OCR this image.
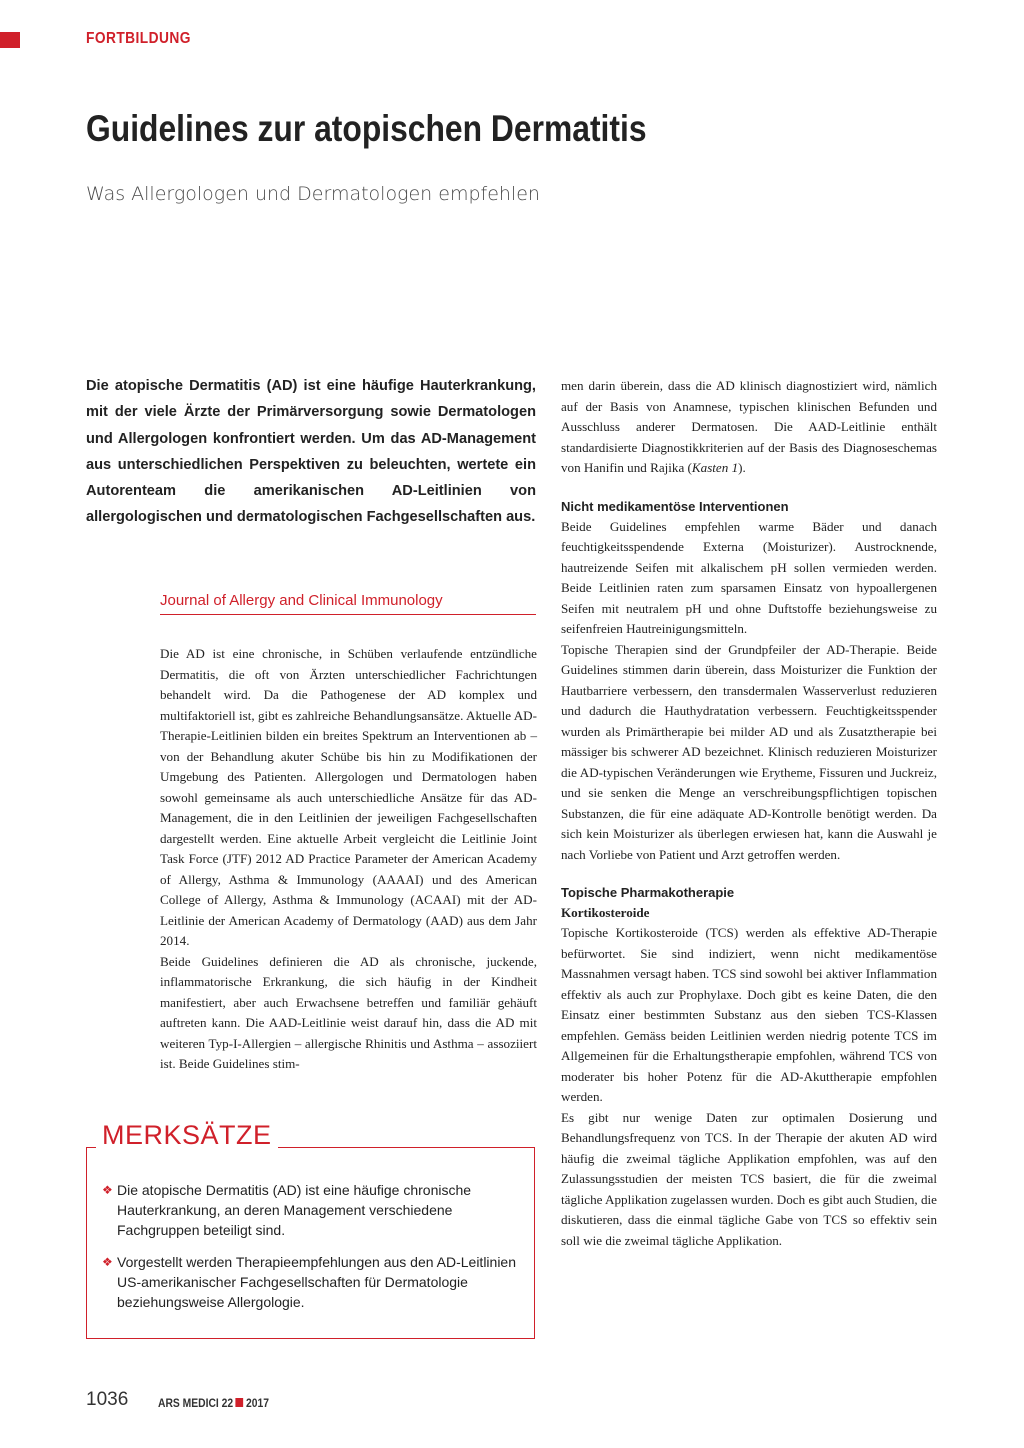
FORTBILDUNG
Guidelines zur atopischen Dermatitis
Was Allergologen und Dermatologen empfehlen

Die atopische Dermatitis (AD) ist eine häufige Hauterkrankung, mit der viele Ärzte der Primärversorgung sowie Dermatologen und Allergologen konfrontiert werden. Um das AD-Management aus unterschiedlichen Perspektiven zu beleuchten, wertete ein Autorenteam die amerikanischen AD-Leitlinien von allergologischen und dermatologischen Fachgesellschaften aus.

Journal of Allergy and Clinical Immunology

Die AD ist eine chronische, in Schüben verlaufende entzündliche Dermatitis, die oft von Ärzten unterschiedlicher Fachrichtungen behandelt wird. Da die Pathogenese der AD komplex und multifaktoriell ist, gibt es zahlreiche Behandlungsansätze. Aktuelle AD-Therapie-Leitlinien bilden ein breites Spektrum an Interventionen ab – von der Behandlung akuter Schübe bis hin zu Modifikationen der Umgebung des Patienten. Allergologen und Dermatologen haben sowohl gemeinsame als auch unterschiedliche Ansätze für das AD-Management, die in den Leitlinien der jeweiligen Fachgesellschaften dargestellt werden. Eine aktuelle Arbeit vergleicht die Leitlinie Joint Task Force (JTF) 2012 AD Practice Parameter der American Academy of Allergy, Asthma & Immunology (AAAAI) und des American College of Allergy, Asthma & Immunology (ACAAI) mit der AD-Leitlinie der American Academy of Dermatology (AAD) aus dem Jahr 2014.

Beide Guidelines definieren die AD als chronische, juckende, inflammatorische Erkrankung, die sich häufig in der Kindheit manifestiert, aber auch Erwachsene betreffen und familiär gehäuft auftreten kann. Die AAD-Leitlinie weist darauf hin, dass die AD mit weiteren Typ-I-Allergien – allergische Rhinitis und Asthma – assoziiert ist. Beide Guidelines stim-

men darin überein, dass die AD klinisch diagnostiziert wird, nämlich auf der Basis von Anamnese, typischen klinischen Befunden und Ausschluss anderer Dermatosen. Die AAD-Leitlinie enthält standardisierte Diagnostikkriterien auf der Basis des Diagnoseschemas von Hanifin und Rajika (Kasten 1).

Nicht medikamentöse Interventionen

Beide Guidelines empfehlen warme Bäder und danach feuchtigkeitsspendende Externa (Moisturizer). Austrocknende, hautreizende Seifen mit alkalischem pH sollen vermieden werden. Beide Leitlinien raten zum sparsamen Einsatz von hypoallergenen Seifen mit neutralem pH und ohne Duftstoffe beziehungsweise zu seifenfreien Hautreinigungsmitteln.

Topische Therapien sind der Grundpfeiler der AD-Therapie. Beide Guidelines stimmen darin überein, dass Moisturizer die Funktion der Hautbarriere verbessern, den transdermalen Wasserverlust reduzieren und dadurch die Hauthydratation verbessern. Feuchtigkeitsspender wurden als Primärtherapie bei milder AD und als Zusatztherapie bei mässiger bis schwerer AD bezeichnet. Klinisch reduzieren Moisturizer die AD-typischen Veränderungen wie Erytheme, Fissuren und Juckreiz, und sie senken die Menge an verschreibungspflichtigen topischen Substanzen, die für eine adäquate AD-Kontrolle benötigt werden. Da sich kein Moisturizer als überlegen erwiesen hat, kann die Auswahl je nach Vorliebe von Patient und Arzt getroffen werden.

Topische Pharmakotherapie
Kortikosteroide

Topische Kortikosteroide (TCS) werden als effektive AD-Therapie befürwortet. Sie sind indiziert, wenn nicht medikamentöse Massnahmen versagt haben. TCS sind sowohl bei aktiver Inflammation effektiv als auch zur Prophylaxe. Doch gibt es keine Daten, die den Einsatz einer bestimmten Substanz aus den sieben TCS-Klassen empfehlen. Gemäss beiden Leitlinien werden niedrig potente TCS im Allgemeinen für die Erhaltungstherapie empfohlen, während TCS von moderater bis hoher Potenz für die AD-Akuttherapie empfohlen werden.

Es gibt nur wenige Daten zur optimalen Dosierung und Behandlungsfrequenz von TCS. In der Therapie der akuten AD wird häufig die zweimal tägliche Applikation empfohlen, was auf den Zulassungsstudien der meisten TCS basiert, die für die zweimal tägliche Applikation zugelassen wurden. Doch es gibt auch Studien, die diskutieren, dass die einmal tägliche Gabe von TCS so effektiv sein soll wie die zweimal tägliche Applikation.

MERKSÄTZE
❖ Die atopische Dermatitis (AD) ist eine häufige chronische Hauterkrankung, an deren Management verschiedene Fachgruppen beteiligt sind.
❖ Vorgestellt werden Therapieempfehlungen aus den AD-Leitlinien US-amerikanischer Fachgesellschaften für Dermatologie beziehungsweise Allergologie.
1036 ARS MEDICI 22 2017
